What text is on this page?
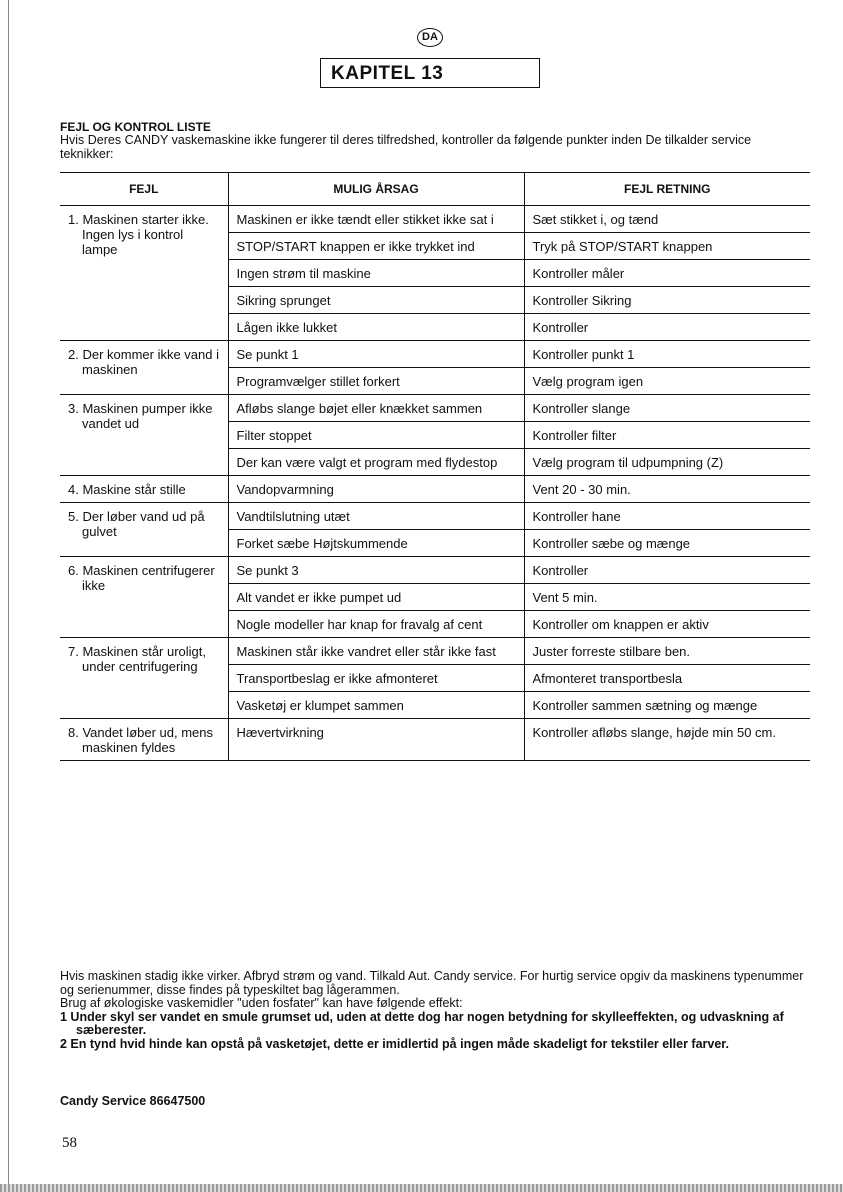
DA
KAPITEL 13
FEJL OG KONTROL LISTE
Hvis Deres CANDY vaskemaskine ikke fungerer til deres tilfredshed, kontroller da følgende punkter inden De tilkalder service teknikker:
FEJL	MULIG ÅRSAG	FEJL RETNING

1. Maskinen starter ikke. Ingen lys i kontrol lampe	Maskinen er ikke tændt eller stikket ikke sat i	Sæt stikket i, og tænd
	STOP/START knappen er ikke trykket ind	Tryk på STOP/START knappen
	Ingen strøm til maskine	Kontroller måler
	Sikring sprunget	Kontroller Sikring
	Lågen ikke lukket	Kontroller

2. Der kommer ikke vand i maskinen	Se punkt 1	Kontroller punkt 1
	Programvælger stillet forkert	Vælg program igen

3. Maskinen pumper ikke vandet ud	Afløbs slange bøjet eller knækket sammen	Kontroller slange
	Filter stoppet	Kontroller filter
	Der kan være valgt et program med flydestop	Vælg program til udpumpning (Z)

4. Maskine står stille	Vandopvarmning	Vent 20 - 30 min.

5. Der løber vand ud på gulvet	Vandtilslutning utæt	Kontroller hane
	Forket sæbe Højtskummende	Kontroller sæbe og mænge

6. Maskinen centrifugerer ikke	Se punkt 3	Kontroller
	Alt vandet er ikke pumpet ud	Vent 5 min.
	Nogle modeller har knap for fravalg af cent	Kontroller om knappen er aktiv

7. Maskinen står uroligt, under centrifugering	Maskinen står ikke vandret eller står ikke fast	Juster forreste stilbare ben.
	Transportbeslag er ikke afmonteret	Afmonteret transportbesla
	Vasketøj er klumpet sammen	Kontroller sammen sætning og mænge

8. Vandet løber ud, mens maskinen fyldes	Hævertvirkning	Kontroller afløbs slange, højde min 50 cm.
Hvis maskinen stadig ikke virker. Afbryd strøm og vand. Tilkald Aut. Candy service. For hurtig service opgiv da maskinens typenummer og serienummer, disse findes på typeskiltet bag lågerammen.
Brug af økologiske vaskemidler "uden fosfater" kan have følgende effekt:
1 Under skyl ser vandet en smule grumset ud, uden at dette dog har nogen betydning for skylleeffekten, og udvaskning af sæberester.
2 En tynd hvid hinde kan opstå på vasketøjet, dette er imidlertid på ingen måde skadeligt for tekstiler eller farver.
Candy Service 86647500
58
